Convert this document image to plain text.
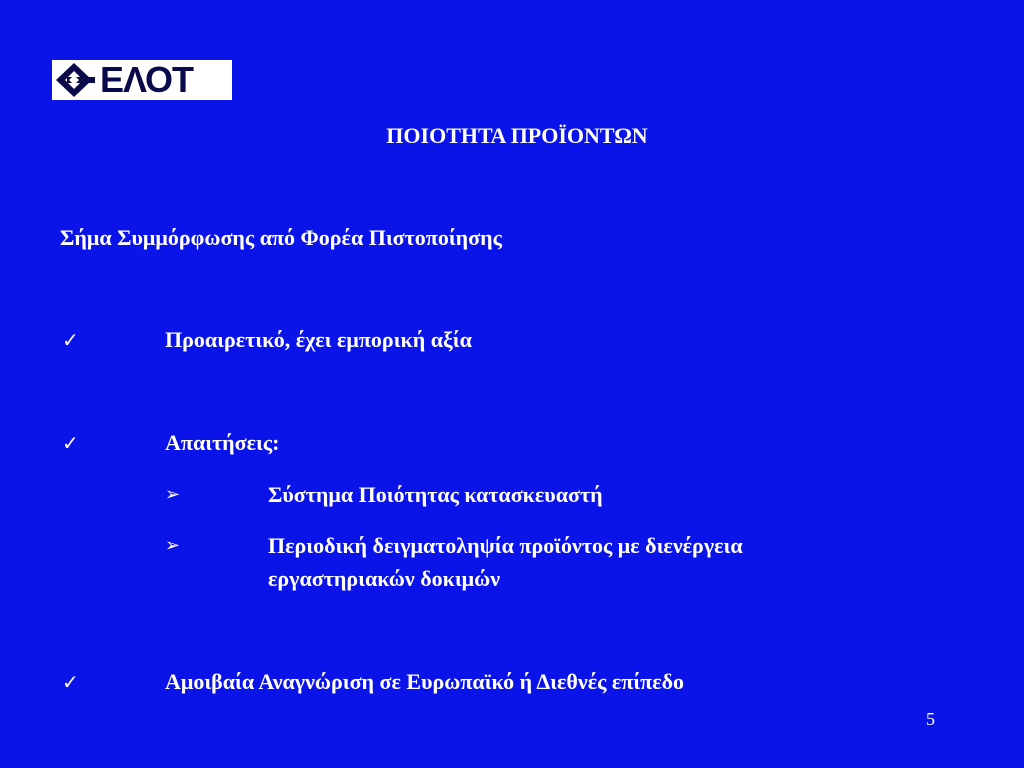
ΕΛΟΤ
ΠΟΙΟΤΗΤΑ ΠΡΟΪΟΝΤΩΝ
Σήμα Συμμόρφωσης από Φορέα Πιστοποίησης
✓	Προαιρετικό, έχει εμπορική αξία
✓	Απαιτήσεις:
➢	Σύστημα Ποιότητας κατασκευαστή
➢	Περιοδική δειγματοληψία προϊόντος με διενέργεια
εργαστηριακών δοκιμών
✓	Αμοιβαία Αναγνώριση σε Ευρωπαϊκό ή Διεθνές επίπεδο
5
